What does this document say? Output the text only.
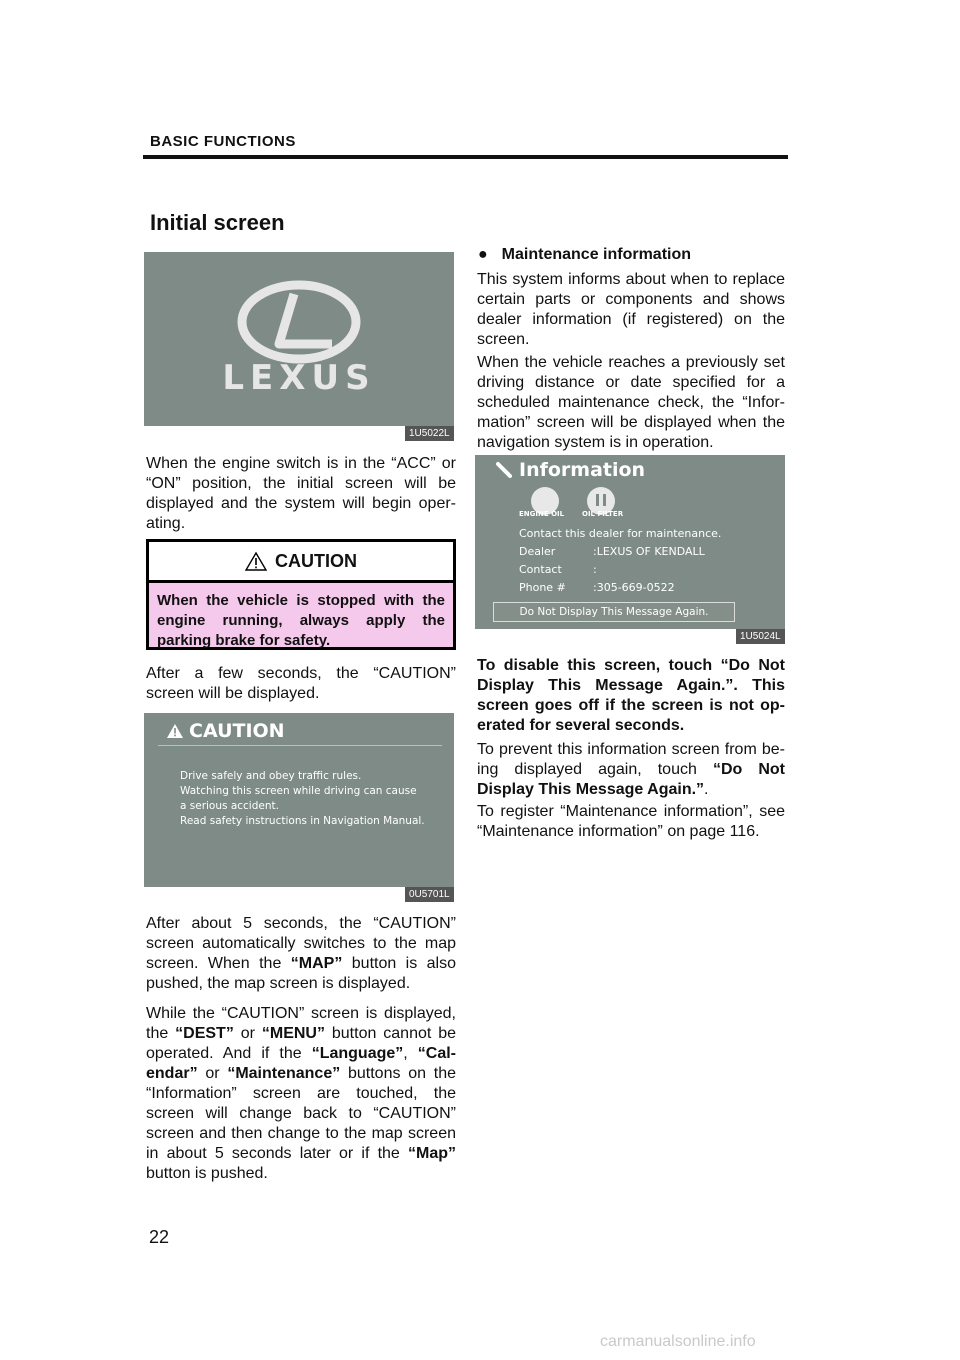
BASIC FUNCTIONS
Initial screen
LEXUS
1U5022L
When the engine switch is in the “ACC” or “ON” position, the initial screen will be displayed and the system will begin oper- ating.
CAUTION
When the vehicle is stopped with the engine running, always apply the parking brake for safety.
After a few seconds, the “CAUTION” screen will be displayed.
CAUTION
Drive safely and obey traffic rules.
Watching this screen while driving can cause
a serious accident.
Read safety instructions in Navigation Manual.
0U5701L
After about 5 seconds, the “CAUTION” screen automatically switches to the map screen. When the “MAP” button is also pushed, the map screen is displayed.
While the “CAUTION” screen is displayed, the “DEST” or “MENU” button cannot be operated. And if the “Language”, “Cal- endar” or “Maintenance” buttons on the “Information” screen are touched, the screen will change back to “CAUTION” screen and then change to the map screen in about 5 seconds later or if the “Map” button is pushed.
● Maintenance information
This system informs about when to replace certain parts or components and shows dealer information (if registered) on the screen.
When the vehicle reaches a previously set driving distance or date specified for a scheduled maintenance check, the “Infor- mation” screen will be displayed when the navigation system is in operation.
Information
ENGINE OIL	OIL FILTER
Contact this dealer for maintenance.
Dealer	:LEXUS OF KENDALL
Contact	:
Phone # :305-669-0522
Do Not Display This Message Again.
1U5024L
To disable this screen, touch “Do Not Display This Message Again.”. This screen goes off if the screen is not op- erated for several seconds.
To prevent this information screen from be- ing displayed again, touch “Do Not Display This Message Again.”.
To register “Maintenance information”, see “Maintenance information” on page 116.
22
carmanualsonline.info
